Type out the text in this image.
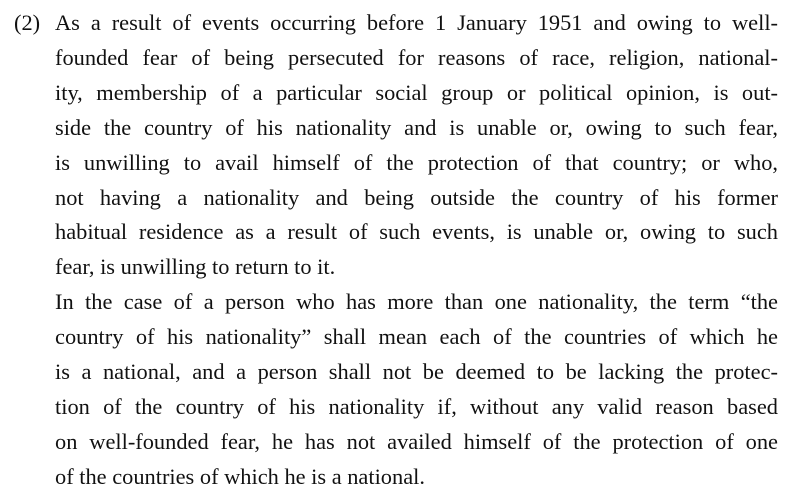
(2) As a result of events occurring before 1 January 1951 and owing to well-
founded fear of being persecuted for reasons of race, religion, national-
ity, membership of a particular social group or political opinion, is out-
side the country of his nationality and is unable or, owing to such fear,
is unwilling to avail himself of the protection of that country; or who,
not having a nationality and being outside the country of his former
habitual residence as a result of such events, is unable or, owing to such
fear, is unwilling to return to it.
In the case of a person who has more than one nationality, the term “the
country of his nationality” shall mean each of the countries of which he
is a national, and a person shall not be deemed to be lacking the protec-
tion of the country of his nationality if, without any valid reason based
on well-founded fear, he has not availed himself of the protection of one
of the countries of which he is a national.
